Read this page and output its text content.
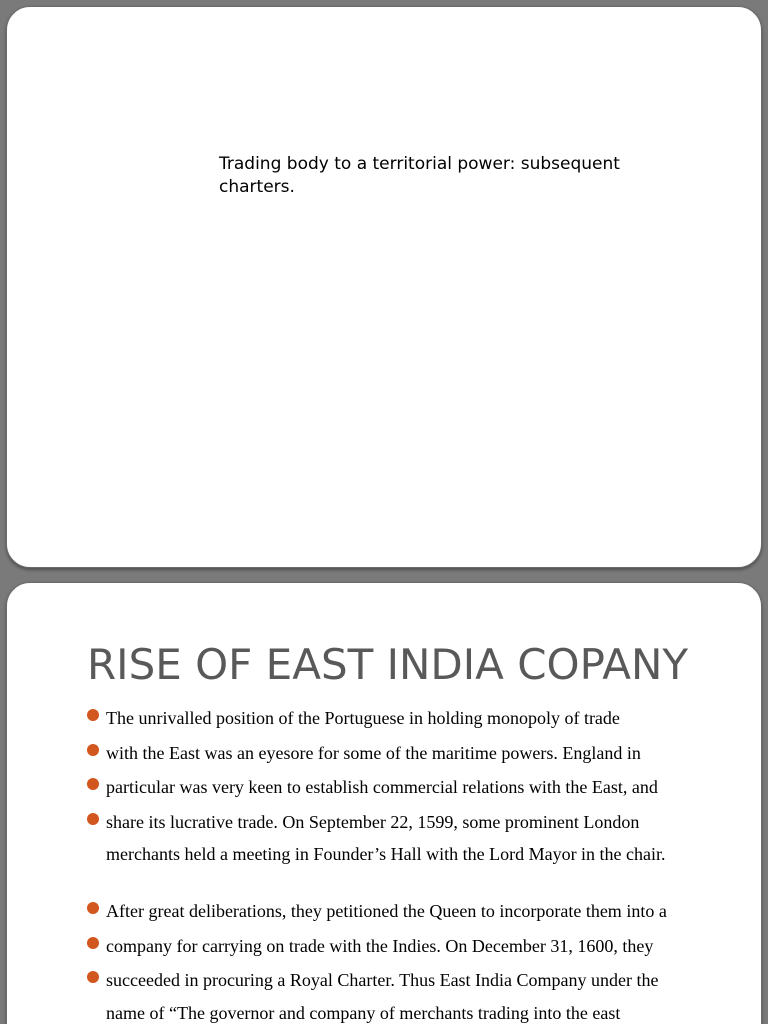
Trading body to a territorial power: subsequent
charters.
RISE OF EAST INDIA COPANY
The unrivalled position of the Portuguese in holding monopoly of trade
with the East was an eyesore for some of the maritime powers. England in
particular was very keen to establish commercial relations with the East, and
share its lucrative trade. On September 22, 1599, some prominent London
merchants held a meeting in Founder’s Hall with the Lord Mayor in the chair.
After great deliberations, they petitioned the Queen to incorporate them into a
company for carrying on trade with the Indies. On December 31, 1600, they
succeeded in procuring a Royal Charter. Thus East India Company under the
name of “The governor and company of merchants trading into the east
